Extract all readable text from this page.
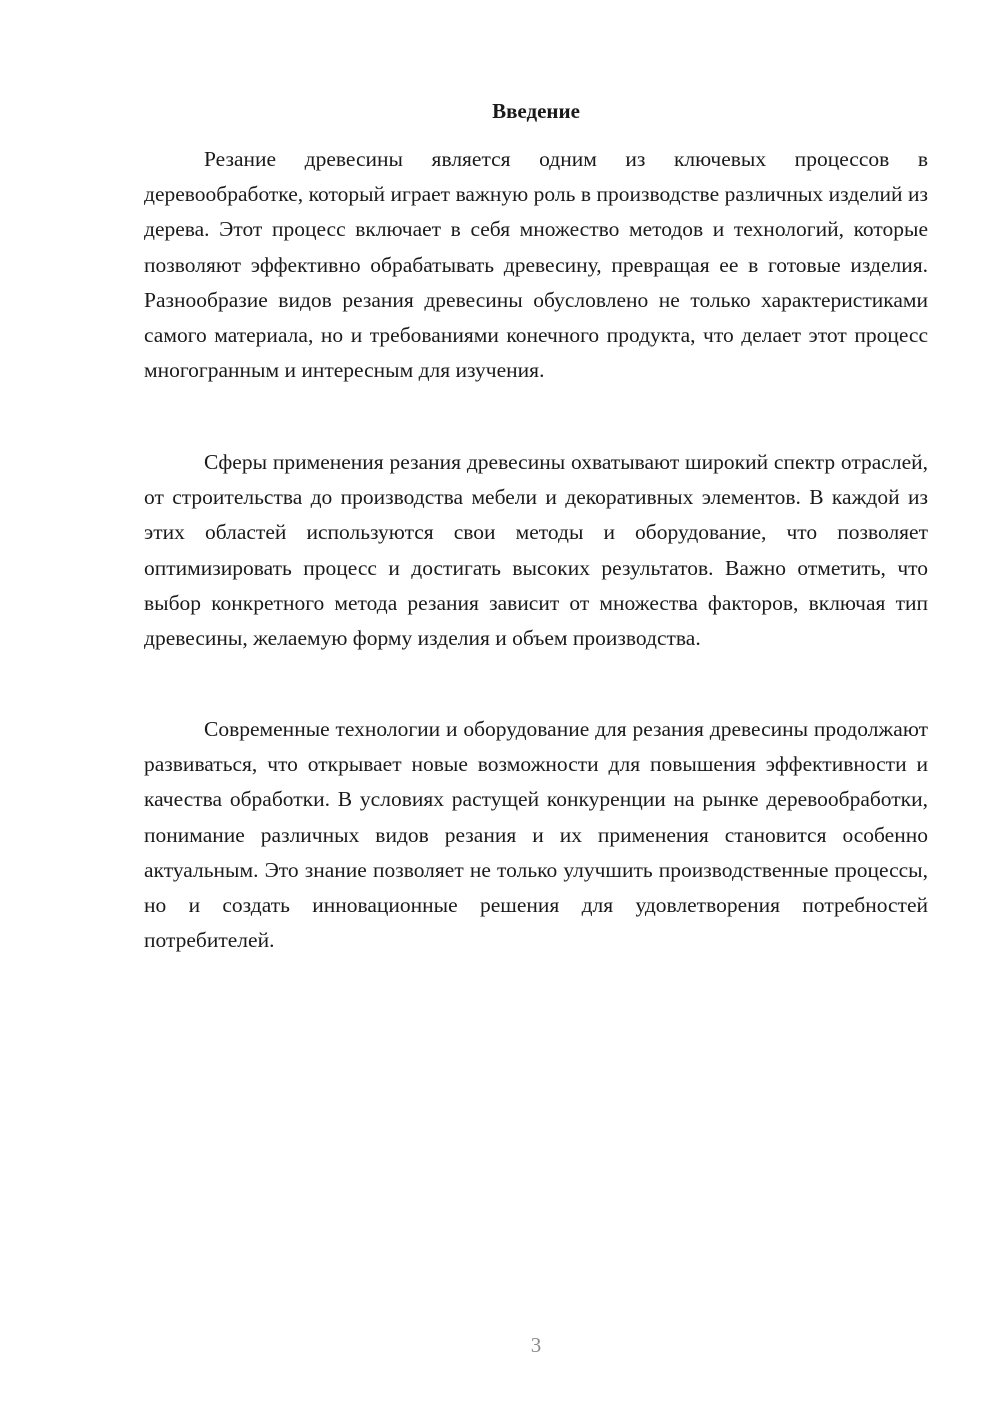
Введение

Резание древесины является одним из ключевых процессов в деревообработке, который играет важную роль в производстве различных изделий из дерева. Этот процесс включает в себя множество методов и технологий, которые позволяют эффективно обрабатывать древесину, превращая ее в готовые изделия. Разнообразие видов резания древесины обусловлено не только характеристиками самого материала, но и требованиями конечного продукта, что делает этот процесс многогранным и интересным для изучения.

Сферы применения резания древесины охватывают широкий спектр отраслей, от строительства до производства мебели и декоративных элементов. В каждой из этих областей используются свои методы и оборудование, что позволяет оптимизировать процесс и достигать высоких результатов. Важно отметить, что выбор конкретного метода резания зависит от множества факторов, включая тип древесины, желаемую форму изделия и объем производства.

Современные технологии и оборудование для резания древесины продолжают развиваться, что открывает новые возможности для повышения эффективности и качества обработки. В условиях растущей конкуренции на рынке деревообработки, понимание различных видов резания и их применения становится особенно актуальным. Это знание позволяет не только улучшить производственные процессы, но и создать инновационные решения для удовлетворения потребностей потребителей.

3
